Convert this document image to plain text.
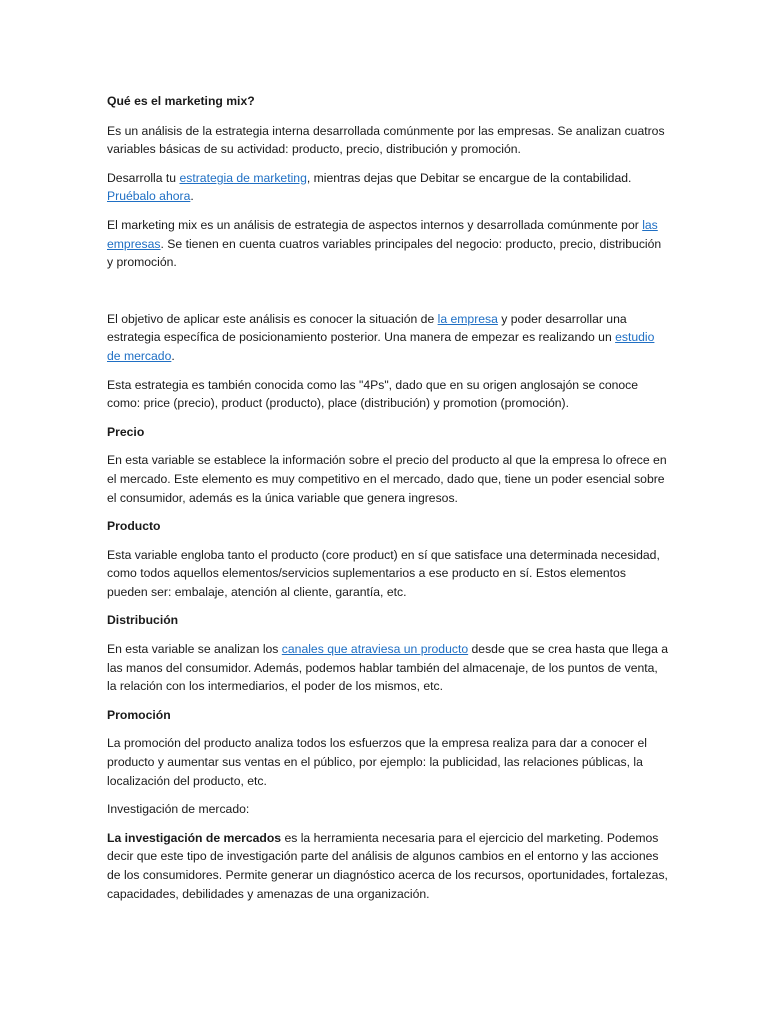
Qué es el marketing mix?
Es un análisis de la estrategia interna desarrollada comúnmente por las empresas. Se analizan cuatros variables básicas de su actividad: producto, precio, distribución y promoción.
Desarrolla tu estrategia de marketing, mientras dejas que Debitar se encargue de la contabilidad. Pruébalo ahora.
El marketing mix es un análisis de estrategia de aspectos internos y desarrollada comúnmente por las empresas. Se tienen en cuenta cuatros variables principales del negocio: producto, precio, distribución y promoción.
El objetivo de aplicar este análisis es conocer la situación de la empresa y poder desarrollar una estrategia específica de posicionamiento posterior. Una manera de empezar es realizando un estudio de mercado.
Esta estrategia es también conocida como las "4Ps", dado que en su origen anglosajón se conoce como: price (precio), product (producto), place (distribución) y promotion (promoción).
Precio
En esta variable se establece la información sobre el precio del producto al que la empresa lo ofrece en el mercado. Este elemento es muy competitivo en el mercado, dado que, tiene un poder esencial sobre el consumidor, además es la única variable que genera ingresos.
Producto
Esta variable engloba tanto el producto (core product) en sí que satisface una determinada necesidad, como todos aquellos elementos/servicios suplementarios a ese producto en sí. Estos elementos pueden ser: embalaje, atención al cliente, garantía, etc.
Distribución
En esta variable se analizan los canales que atraviesa un producto desde que se crea hasta que llega a las manos del consumidor. Además, podemos hablar también del almacenaje, de los puntos de venta, la relación con los intermediarios, el poder de los mismos, etc.
Promoción
La promoción del producto analiza todos los esfuerzos que la empresa realiza para dar a conocer el producto y aumentar sus ventas en el público, por ejemplo: la publicidad, las relaciones públicas, la localización del producto, etc.
Investigación de mercado:
La investigación de mercados es la herramienta necesaria para el ejercicio del marketing. Podemos decir que este tipo de investigación parte del análisis de algunos cambios en el entorno y las acciones de los consumidores. Permite generar un diagnóstico acerca de los recursos, oportunidades, fortalezas, capacidades, debilidades y amenazas de una organización.
